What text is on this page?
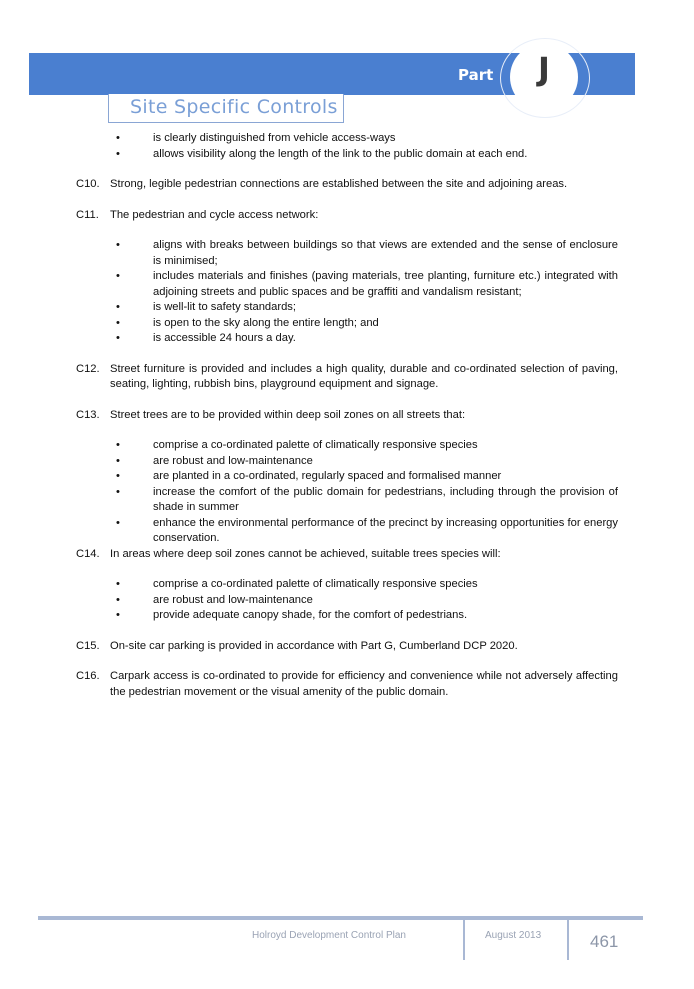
Part	J
Site Specific Controls
•	is clearly distinguished from vehicle access-ways
•	allows visibility along the length of the link to the public domain at each end.
C10. Strong, legible pedestrian connections are established between the site and adjoining areas.
C11. The pedestrian and cycle access network:
•	aligns with breaks between buildings so that views are extended and the sense of enclosure is minimised;
•	includes materials and finishes (paving materials, tree planting, furniture etc.) integrated with adjoining streets and public spaces and be graffiti and vandalism resistant;
•	is well-lit to safety standards;
•	is open to the sky along the entire length; and
•	is accessible 24 hours a day.
C12. Street furniture is provided and includes a high quality, durable and co-ordinated selection of paving, seating, lighting, rubbish bins, playground equipment and signage.
C13. Street trees are to be provided within deep soil zones on all streets that:
•	comprise a co-ordinated palette of climatically responsive species
•	are robust and low-maintenance
•	are planted in a co-ordinated, regularly spaced and formalised manner
•	increase the comfort of the public domain for pedestrians, including through the provision of shade in summer
•	enhance the environmental performance of the precinct by increasing opportunities for energy conservation.
C14. In areas where deep soil zones cannot be achieved, suitable trees species will:
•	comprise a co-ordinated palette of climatically responsive species
•	are robust and low-maintenance
•	provide adequate canopy shade, for the comfort of pedestrians.
C15. On-site car parking is provided in accordance with Part G, Cumberland DCP 2020.
C16. Carpark access is co-ordinated to provide for efficiency and convenience while not adversely affecting the pedestrian movement or the visual amenity of the public domain.
Holroyd Development Control Plan	August 2013	461
